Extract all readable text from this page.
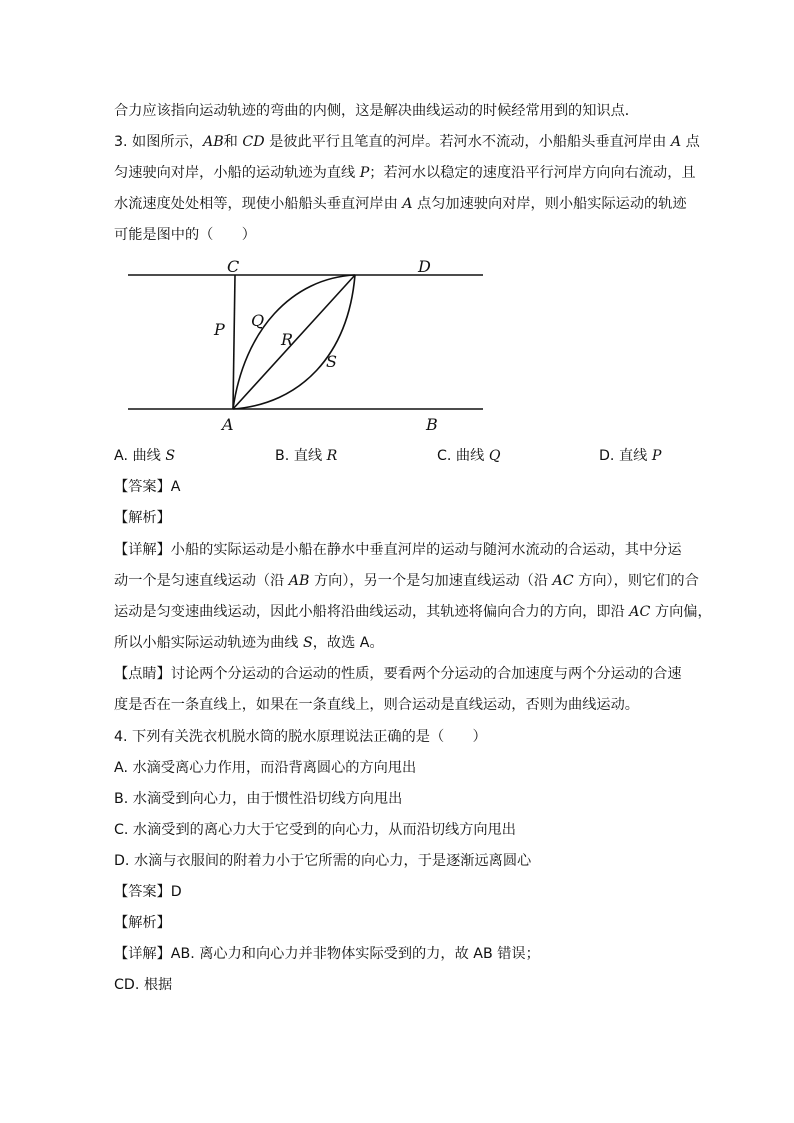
合力应该指向运动轨迹的弯曲的内侧，这是解决曲线运动的时候经常用到的知识点．
3. 如图所示，AB和 CD 是彼此平行且笔直的河岸。若河水不流动，小船船头垂直河岸由 A 点
匀速驶向对岸，小船的运动轨迹为直线 P；若河水以稳定的速度沿平行河岸方向向右流动，且
水流速度处处相等，现使小船船头垂直河岸由 A 点匀加速驶向对岸，则小船实际运动的轨迹
可能是图中的（　　）
C	D
A	B
P Q
R
S
A. 曲线 S	B. 直线 R	C. 曲线 Q	D. 直线 P
【答案】A
【解析】
【详解】小船的实际运动是小船在静水中垂直河岸的运动与随河水流动的合运动，其中分运
动一个是匀速直线运动（沿 AB 方向），另一个是匀加速直线运动（沿 AC 方向），则它们的合
运动是匀变速曲线运动，因此小船将沿曲线运动，其轨迹将偏向合力的方向，即沿 AC 方向偏，
所以小船实际运动轨迹为曲线 S，故选 A。
【点睛】讨论两个分运动的合运动的性质，要看两个分运动的合加速度与两个分运动的合速
度是否在一条直线上，如果在一条直线上，则合运动是直线运动，否则为曲线运动。
4. 下列有关洗衣机脱水筒的脱水原理说法正确的是（　　）
A. 水滴受离心力作用，而沿背离圆心的方向甩出
B. 水滴受到向心力，由于惯性沿切线方向甩出
C. 水滴受到的离心力大于它受到的向心力，从而沿切线方向甩出
D. 水滴与衣服间的附着力小于它所需的向心力，于是逐渐远离圆心
【答案】D
【解析】
【详解】AB. 离心力和向心力并非物体实际受到的力，故 AB 错误；
CD. 根据
